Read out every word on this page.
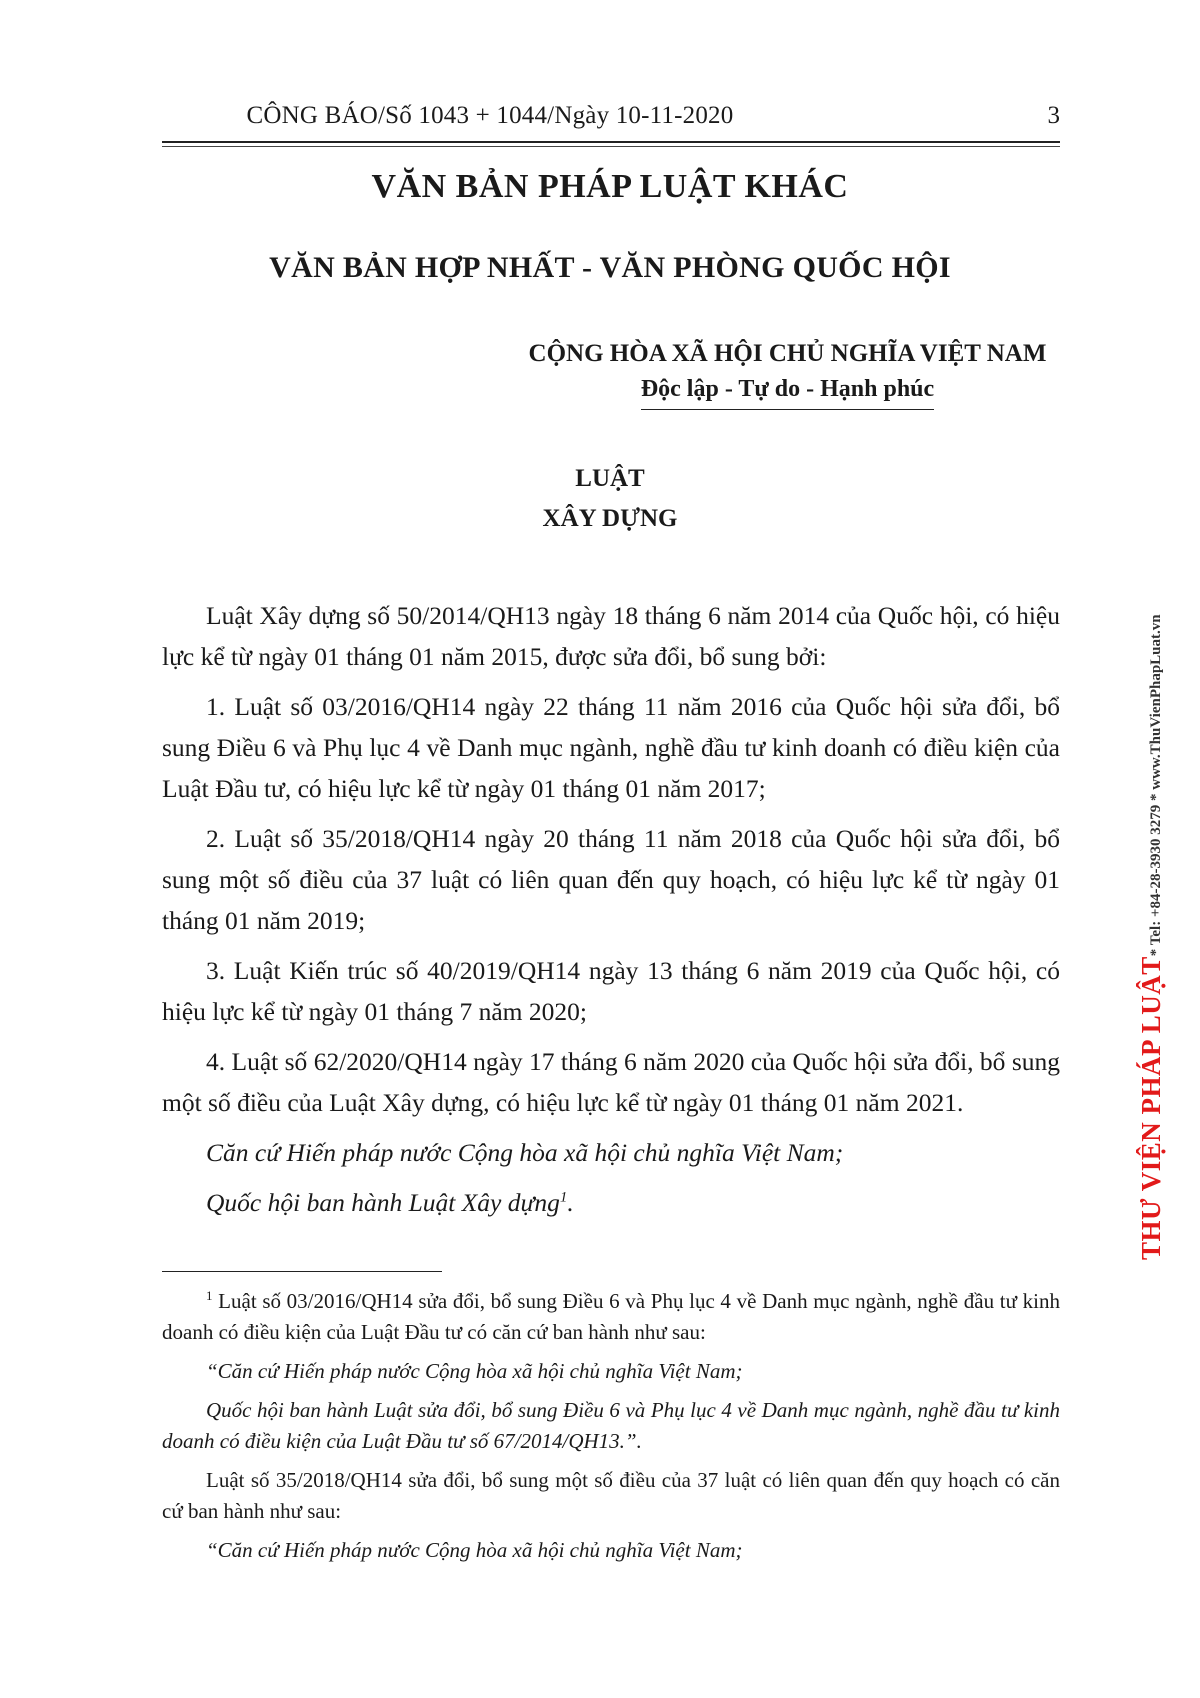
CÔNG BÁO/Số 1043 + 1044/Ngày 10-11-2020	3
VĂN BẢN PHÁP LUẬT KHÁC
VĂN BẢN HỢP NHẤT - VĂN PHÒNG QUỐC HỘI
CỘNG HÒA XÃ HỘI CHỦ NGHĨA VIỆT NAM
Độc lập - Tự do - Hạnh phúc
LUẬT
XÂY DỰNG

Luật Xây dựng số 50/2014/QH13 ngày 18 tháng 6 năm 2014 của Quốc hội, có hiệu lực kể từ ngày 01 tháng 01 năm 2015, được sửa đổi, bổ sung bởi:

1. Luật số 03/2016/QH14 ngày 22 tháng 11 năm 2016 của Quốc hội sửa đổi, bổ sung Điều 6 và Phụ lục 4 về Danh mục ngành, nghề đầu tư kinh doanh có điều kiện của Luật Đầu tư, có hiệu lực kể từ ngày 01 tháng 01 năm 2017;

2. Luật số 35/2018/QH14 ngày 20 tháng 11 năm 2018 của Quốc hội sửa đổi, bổ sung một số điều của 37 luật có liên quan đến quy hoạch, có hiệu lực kể từ ngày 01 tháng 01 năm 2019;

3. Luật Kiến trúc số 40/2019/QH14 ngày 13 tháng 6 năm 2019 của Quốc hội, có hiệu lực kể từ ngày 01 tháng 7 năm 2020;

4. Luật số 62/2020/QH14 ngày 17 tháng 6 năm 2020 của Quốc hội sửa đổi, bổ sung một số điều của Luật Xây dựng, có hiệu lực kể từ ngày 01 tháng 01 năm 2021.

Căn cứ Hiến pháp nước Cộng hòa xã hội chủ nghĩa Việt Nam;

Quốc hội ban hành Luật Xây dựng$^1$.

$^1$ Luật số 03/2016/QH14 sửa đổi, bổ sung Điều 6 và Phụ lục 4 về Danh mục ngành, nghề đầu tư kinh doanh có điều kiện của Luật Đầu tư có căn cứ ban hành như sau:

“Căn cứ Hiến pháp nước Cộng hòa xã hội chủ nghĩa Việt Nam;

Quốc hội ban hành Luật sửa đổi, bổ sung Điều 6 và Phụ lục 4 về Danh mục ngành, nghề đầu tư kinh doanh có điều kiện của Luật Đầu tư số 67/2014/QH13.”.

Luật số 35/2018/QH14 sửa đổi, bổ sung một số điều của 37 luật có liên quan đến quy hoạch có căn cứ ban hành như sau:

“Căn cứ Hiến pháp nước Cộng hòa xã hội chủ nghĩa Việt Nam;

THƯ VIỆN PHÁP LUẬT* Tel: +84-28-3930 3279 * www.ThuVienPhapLuat.vn
